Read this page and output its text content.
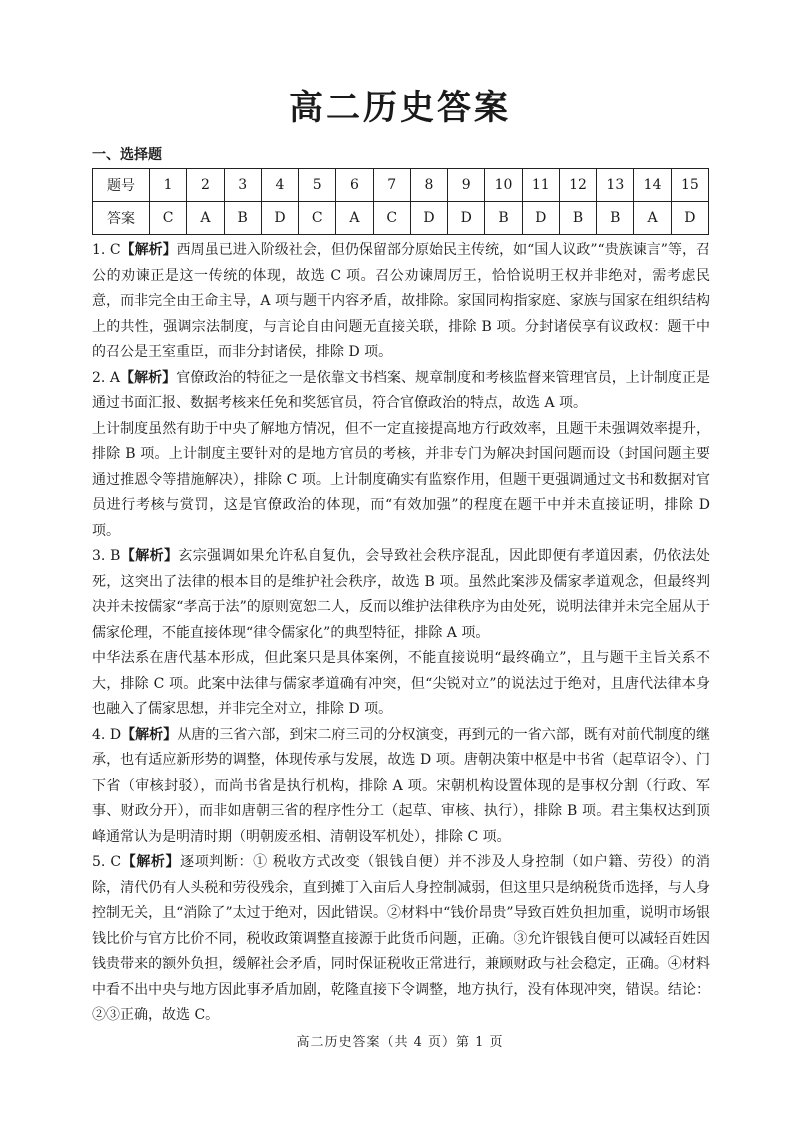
高二历史答案
一、选择题
题号	1	2	3	4	5	6	7	8	9	10	11	12	13	14	15
答案	C	A	B	D	C	A	C	D	D	B	D	B	B	A	D

1. C【解析】西周虽已进入阶级社会，但仍保留部分原始民主传统，如“国人议政”“贵族谏言”等，召公的劝谏正是这一传统的体现，故选 C 项。召公劝谏周厉王，恰恰说明王权并非绝对，需考虑民意，而非完全由王命主导，A 项与题干内容矛盾，故排除。家国同构指家庭、家族与国家在组织结构上的共性，强调宗法制度，与言论自由问题无直接关联，排除 B 项。分封诸侯享有议政权：题干中的召公是王室重臣，而非分封诸侯，排除 D 项。

2. A【解析】官僚政治的特征之一是依靠文书档案、规章制度和考核监督来管理官员，上计制度正是通过书面汇报、数据考核来任免和奖惩官员，符合官僚政治的特点，故选 A 项。

上计制度虽然有助于中央了解地方情况，但不一定直接提高地方行政效率，且题干未强调效率提升，排除 B 项。上计制度主要针对的是地方官员的考核，并非专门为解决封国问题而设（封国问题主要通过推恩令等措施解决），排除 C 项。上计制度确实有监察作用，但题干更强调通过文书和数据对官员进行考核与赏罚，这是官僚政治的体现，而“有效加强”的程度在题干中并未直接证明，排除 D 项。

3. B【解析】玄宗强调如果允许私自复仇，会导致社会秩序混乱，因此即便有孝道因素，仍依法处死，这突出了法律的根本目的是维护社会秩序，故选 B 项。虽然此案涉及儒家孝道观念，但最终判决并未按儒家“孝高于法”的原则宽恕二人，反而以维护法律秩序为由处死，说明法律并未完全屈从于儒家伦理，不能直接体现“律令儒家化”的典型特征，排除 A 项。

中华法系在唐代基本形成，但此案只是具体案例，不能直接说明“最终确立”，且与题干主旨关系不大，排除 C 项。此案中法律与儒家孝道确有冲突，但“尖锐对立”的说法过于绝对，且唐代法律本身也融入了儒家思想，并非完全对立，排除 D 项。

4. D【解析】从唐的三省六部，到宋二府三司的分权演变，再到元的一省六部，既有对前代制度的继承，也有适应新形势的调整，体现传承与发展，故选 D 项。唐朝决策中枢是中书省（起草诏令）、门下省（审核封驳），而尚书省是执行机构，排除 A 项。宋朝机构设置体现的是事权分割（行政、军事、财政分开），而非如唐朝三省的程序性分工（起草、审核、执行），排除 B 项。君主集权达到顶峰通常认为是明清时期（明朝废丞相、清朝设军机处），排除 C 项。

5. C【解析】逐项判断：① 税收方式改变（银钱自便）并不涉及人身控制（如户籍、劳役）的消除，清代仍有人头税和劳役残余，直到摊丁入亩后人身控制减弱，但这里只是纳税货币选择，与人身控制无关，且“消除了”太过于绝对，因此错误。②材料中“钱价昂贵”导致百姓负担加重，说明市场银钱比价与官方比价不同，税收政策调整直接源于此货币问题，正确。③允许银钱自便可以减轻百姓因钱贵带来的额外负担，缓解社会矛盾，同时保证税收正常进行，兼顾财政与社会稳定，正确。④材料中看不出中央与地方因此事矛盾加剧，乾隆直接下令调整，地方执行，没有体现冲突，错误。结论：②③正确，故选 C。

高二历史答案（共 4 页）第 1 页
